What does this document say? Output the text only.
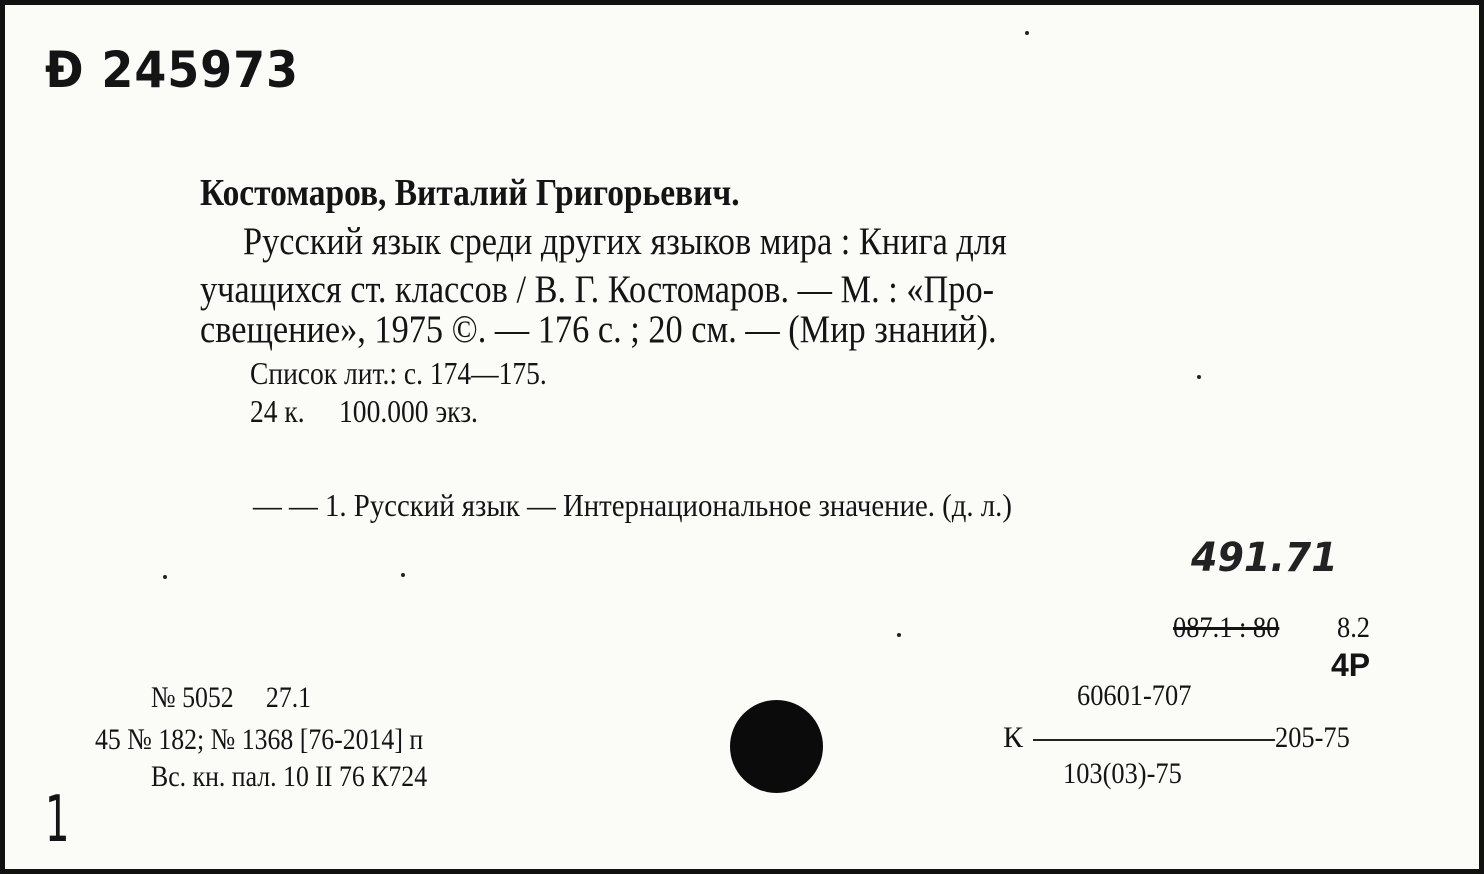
Ð 245973
Костомаров, Виталий Григорьевич.
Русский язык среди других языков мира : Книга для
учащихся ст. классов / В. Г. Костомаров. — М. : «Про-
свещение», 1975 ©. — 176 с. ; 20 см. — (Мир знаний).
Список лит.: с. 174—175.
24 к.     100.000 экз.
— — 1. Русский язык — Интернациональное значение. (д. л.)
491.71
087.1 : 80 8.2
4Р
№ 5052     27.1
45 № 182; № 1368 [76-2014] п
Вс. кн. пал. 10 II 76 К724
60601-707
К	205-75
103(03)-75
1
